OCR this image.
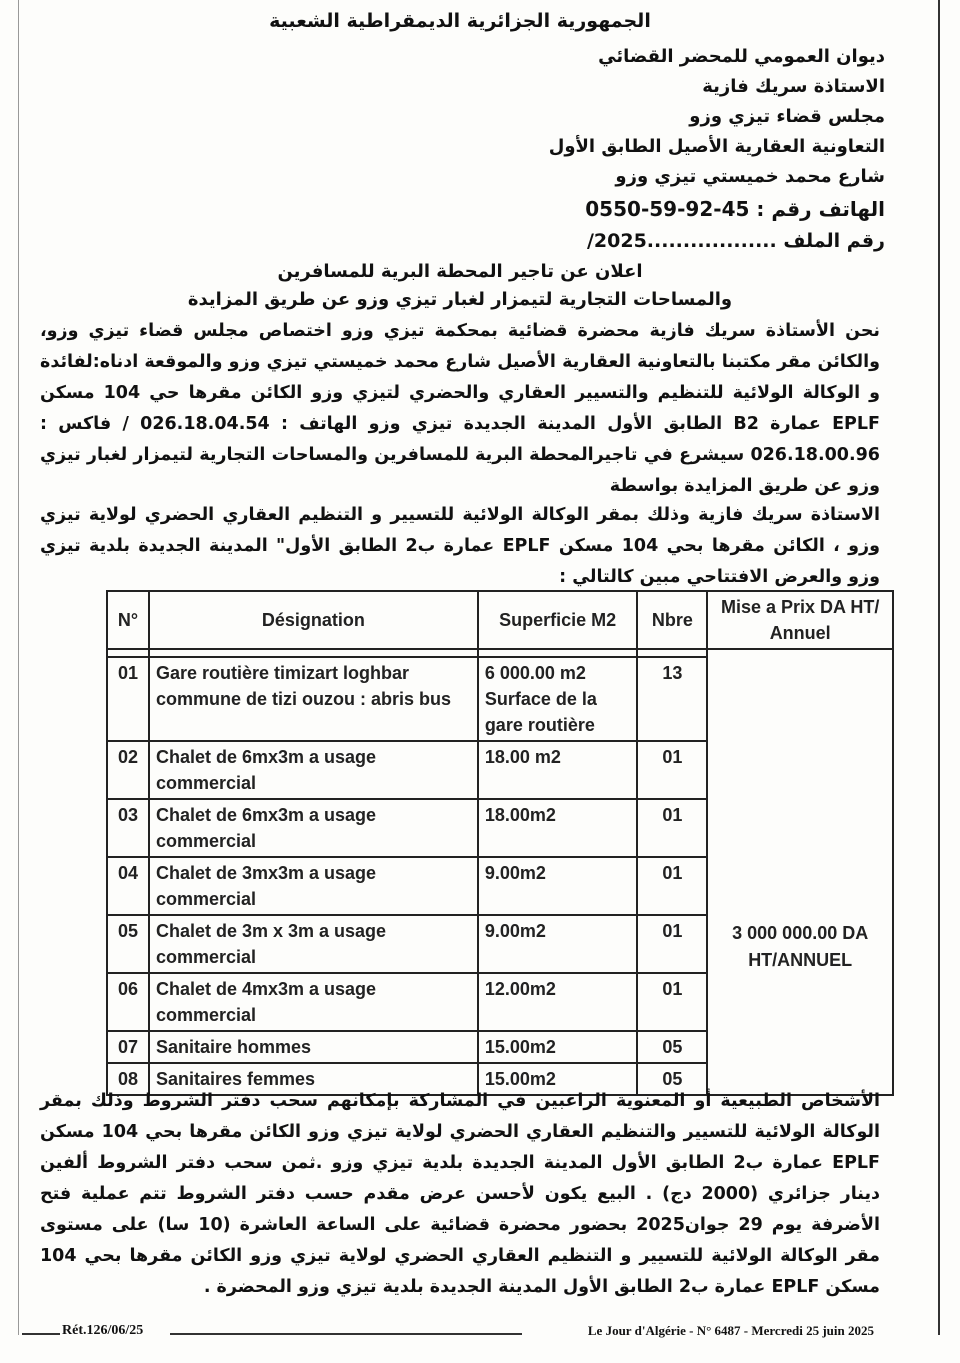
الجمهورية الجزائرية الديمقراطية الشعبية
ديوان العمومي للمحضر القضائي
الاستاذة سريك فازية
مجلس قضاء تيزي وزو
التعاونية العقارية الأصيل الطابق الأول
شارع محمد خميستي تيزي وزو
الهاتف رقم : 45-92-59-0550
رقم الملف ..................2025/
اعلان عن تاجير المحطة البرية للمسافرين
والمساحات التجارية لتيمزار لغبار تيزي وزو عن طريق المزايدة
نحن الأستاذة سريك فازية محضرة قضائية بمحكمة تيزي وزو اختصاص مجلس قضاء تيزي وزو، والكائن مقر مكتبنا بالتعاونية العقارية الأصيل شارع محمد خميستي تيزي وزو والموقعة ادناه:لفائدة و الوكالة الولائية للتنظيم والتسيير العقاري والحضري لتيزي وزو الكائن مقرها حي 104 مسكن EPLF عمارة B2 الطابق الأول المدينة الجديدة تيزي وزو الهاتف : 026.18.04.54 / فاكس : 026.18.00.96 سيشرع في تاجيرالمحطة البرية للمسافرين والمساحات التجارية لتيمزار لغبار تيزي وزو عن طريق المزايدة بواسطة
الاستاذة سريك فازية وذلك بمقر الوكالة الولائية للتسيير و التنظيم العقاري الحضري لولاية تيزي وزو ، الكائن مقرها بحي 104 مسكن EPLF عمارة ب2 الطابق الأول" المدينة الجديدة بلدية تيزي وزو والعرض الافتتاحي مبين كالتالي :
N°	Désignation	Superficie M2	Nbre	Mise a Prix DA HT/ Annuel
				3 000 000.00 DA HT/ANNUEL
01	Gare routière timizart loghbar commune de tizi ouzou : abris bus	6 000.00 m2 Surface de la gare routière	13	
02	Chalet de 6mx3m a usage commercial	18.00 m2	01	
03	Chalet de 6mx3m a usage commercial	18.00m2	01	
04	Chalet de 3mx3m a usage commercial	9.00m2	01	
05	Chalet de 3m x 3m a usage commercial	9.00m2	01	
06	Chalet de 4mx3m a usage commercial	12.00m2	01	
07	Sanitaire hommes	15.00m2	05	
08	Sanitaires femmes	15.00m2	05	
الأشخاص الطبيعية أو المعنوية الراغبين في المشاركة بإمكانهم سحب دفتر الشروط وذلك بمقر الوكالة الولائية للتسيير والتنظيم العقاري الحضري لولاية تيزي وزو الكائن مقرها بحي 104 مسكن EPLF عمارة ب2 الطابق الأول المدينة الجديدة بلدية تيزي وزو .ثمن سحب دفتر الشروط ألفين دينار جزائري (2000 دج) . البيع يكون لأحسن عرض مقدم حسب دفتر الشروط تتم عملية فتح الأضرفة يوم 29 جوان2025 بحضور محضرة قضائية على الساعة العاشرة (10 سا) على مستوى مقر الوكالة الولائية للتسيير و التنظيم العقاري الحضري لولاية تيزي وزو الكائن مقرها بحي 104 مسكن EPLF عمارة ب2 الطابق الأول المدينة الجديدة بلدية تيزي وزو المحضرة .
Rét.126/06/25	Le Jour d'Algérie - N° 6487 - Mercredi 25 juin 2025
